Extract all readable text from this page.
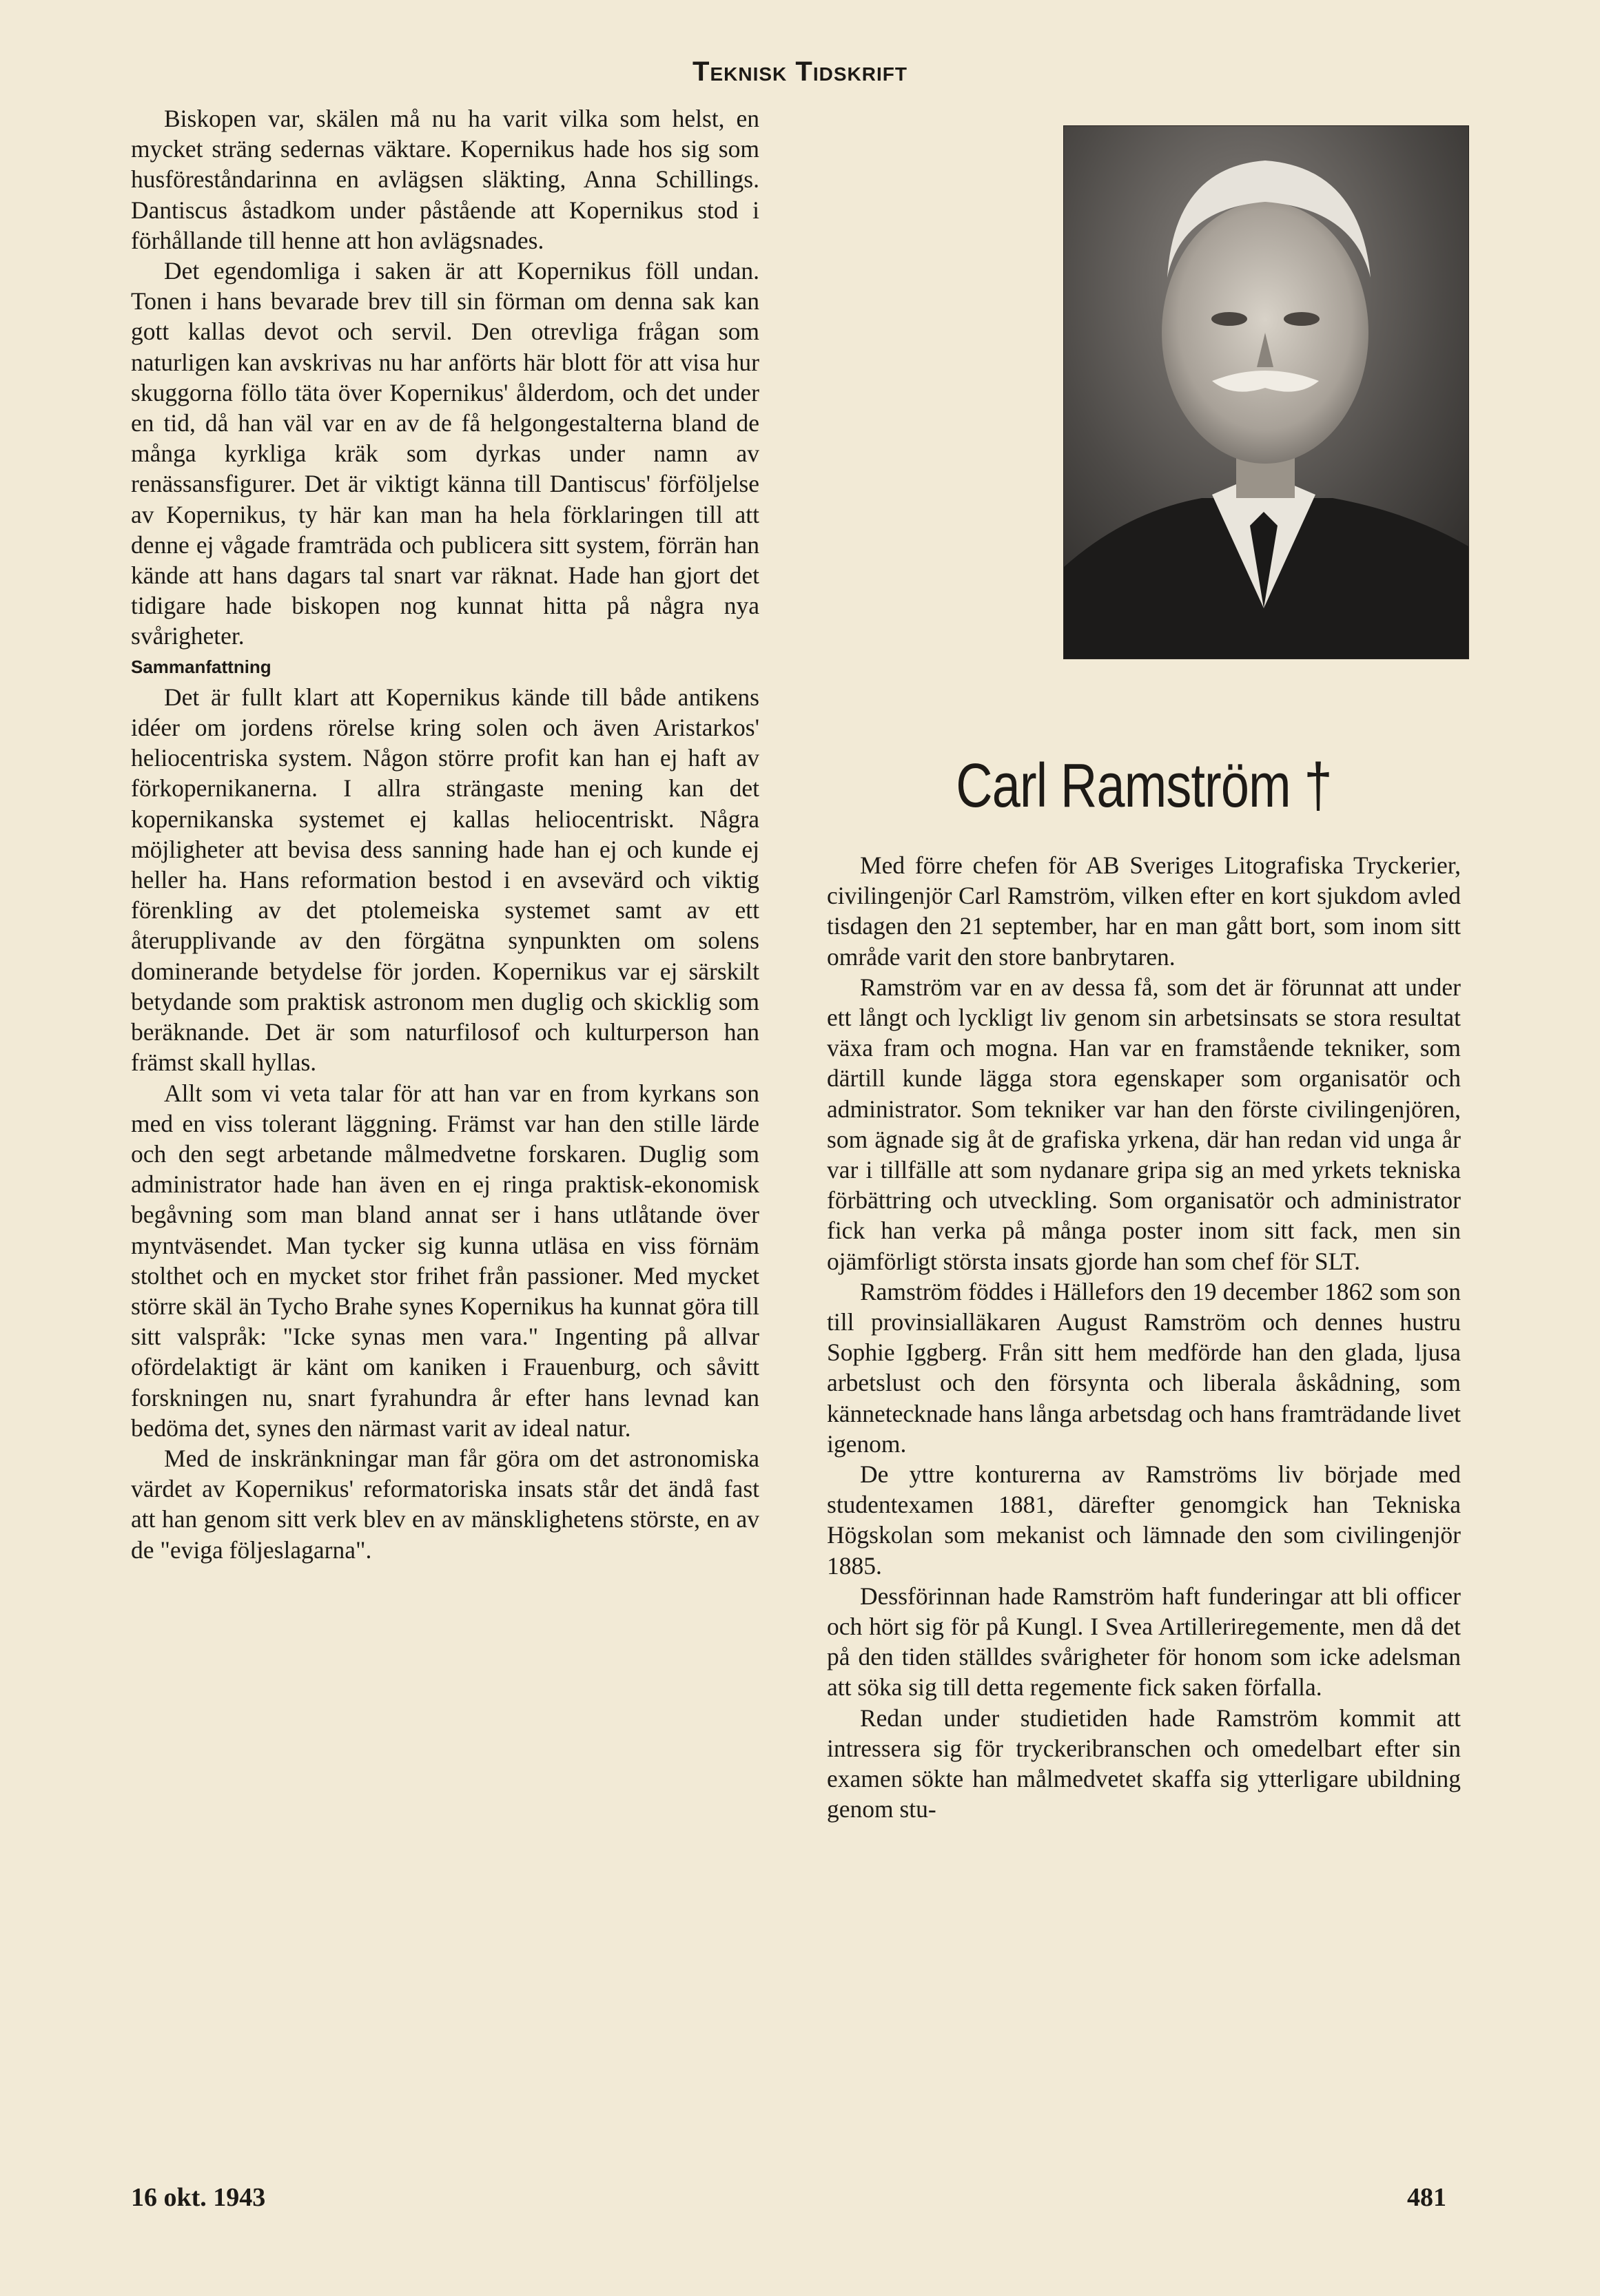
Teknisk Tidskrift

Biskopen var, skälen må nu ha varit vilka som helst, en mycket sträng sedernas väktare. Kopernikus hade hos sig som husföreståndarinna en avlägsen släkting, Anna Schillings. Dantiscus åstadkom under påstående att Kopernikus stod i förhållande till henne att hon avlägsnades.

Det egendomliga i saken är att Kopernikus föll undan. Tonen i hans bevarade brev till sin förman om denna sak kan gott kallas devot och servil. Den otrevliga frågan som naturligen kan avskrivas nu har anförts här blott för att visa hur skuggorna föllo täta över Kopernikus' ålderdom, och det under en tid, då han väl var en av de få helgongestalterna bland de många kyrkliga kräk som dyrkas under namn av renässansfigurer. Det är viktigt känna till Dantiscus' förföljelse av Kopernikus, ty här kan man ha hela förklaringen till att denne ej vågade framträda och publicera sitt system, förrän han kände att hans dagars tal snart var räknat. Hade han gjort det tidigare hade biskopen nog kunnat hitta på några nya svårigheter.

Sammanfattning

Det är fullt klart att Kopernikus kände till både antikens idéer om jordens rörelse kring solen och även Aristarkos' heliocentriska system. Någon större profit kan han ej haft av förkopernikanerna. I allra strängaste mening kan det kopernikanska systemet ej kallas heliocentriskt. Några möjligheter att bevisa dess sanning hade han ej och kunde ej heller ha. Hans reformation bestod i en avsevärd och viktig förenkling av det ptolemeiska systemet samt av ett återupplivande av den förgätna synpunkten om solens dominerande betydelse för jorden. Kopernikus var ej särskilt betydande som praktisk astronom men duglig och skicklig som beräknande. Det är som naturfilosof och kulturperson han främst skall hyllas.

Allt som vi veta talar för att han var en from kyrkans son med en viss tolerant läggning. Främst var han den stille lärde och den segt arbetande målmedvetne forskaren. Duglig som administrator hade han även en ej ringa praktisk-ekonomisk begåvning som man bland annat ser i hans utlåtande över myntväsendet. Man tycker sig kunna utläsa en viss förnäm stolthet och en mycket stor frihet från passioner. Med mycket större skäl än Tycho Brahe synes Kopernikus ha kunnat göra till sitt valspråk: "Icke synas men vara." Ingenting på allvar ofördelaktigt är känt om kaniken i Frauenburg, och såvitt forskningen nu, snart fyrahundra år efter hans levnad kan bedöma det, synes den närmast varit av ideal natur.

Med de inskränkningar man får göra om det astronomiska värdet av Kopernikus' reformatoriska insats står det ändå fast att han genom sitt verk blev en av mänsklighetens störste, en av de "eviga följeslagarna".

Carl Ramström †

Med förre chefen för AB Sveriges Litografiska Tryckerier, civilingenjör Carl Ramström, vilken efter en kort sjukdom avled tisdagen den 21 september, har en man gått bort, som inom sitt område varit den store banbrytaren.

Ramström var en av dessa få, som det är förunnat att under ett långt och lyckligt liv genom sin arbetsinsats se stora resultat växa fram och mogna. Han var en framstående tekniker, som därtill kunde lägga stora egenskaper som organisatör och administrator. Som tekniker var han den förste civilingenjören, som ägnade sig åt de grafiska yrkena, där han redan vid unga år var i tillfälle att som nydanare gripa sig an med yrkets tekniska förbättring och utveckling. Som organisatör och administrator fick han verka på många poster inom sitt fack, men sin ojämförligt största insats gjorde han som chef för SLT.

Ramström föddes i Hällefors den 19 december 1862 som son till provinsialläkaren August Ramström och dennes hustru Sophie Iggberg. Från sitt hem medförde han den glada, ljusa arbetslust och den försynta och liberala åskådning, som kännetecknade hans långa arbetsdag och hans framträdande livet igenom.

De yttre konturerna av Ramströms liv började med studentexamen 1881, därefter genomgick han Tekniska Högskolan som mekanist och lämnade den som civilingenjör 1885.

Dessförinnan hade Ramström haft funderingar att bli officer och hört sig för på Kungl. I Svea Artilleriregemente, men då det på den tiden ställdes svårigheter för honom som icke adelsman att söka sig till detta regemente fick saken förfalla.

Redan under studietiden hade Ramström kommit att intressera sig för tryckeribranschen och omedelbart efter sin examen sökte han målmedvetet skaffa sig ytterligare ubildning genom stu-

16 okt. 1943	481
